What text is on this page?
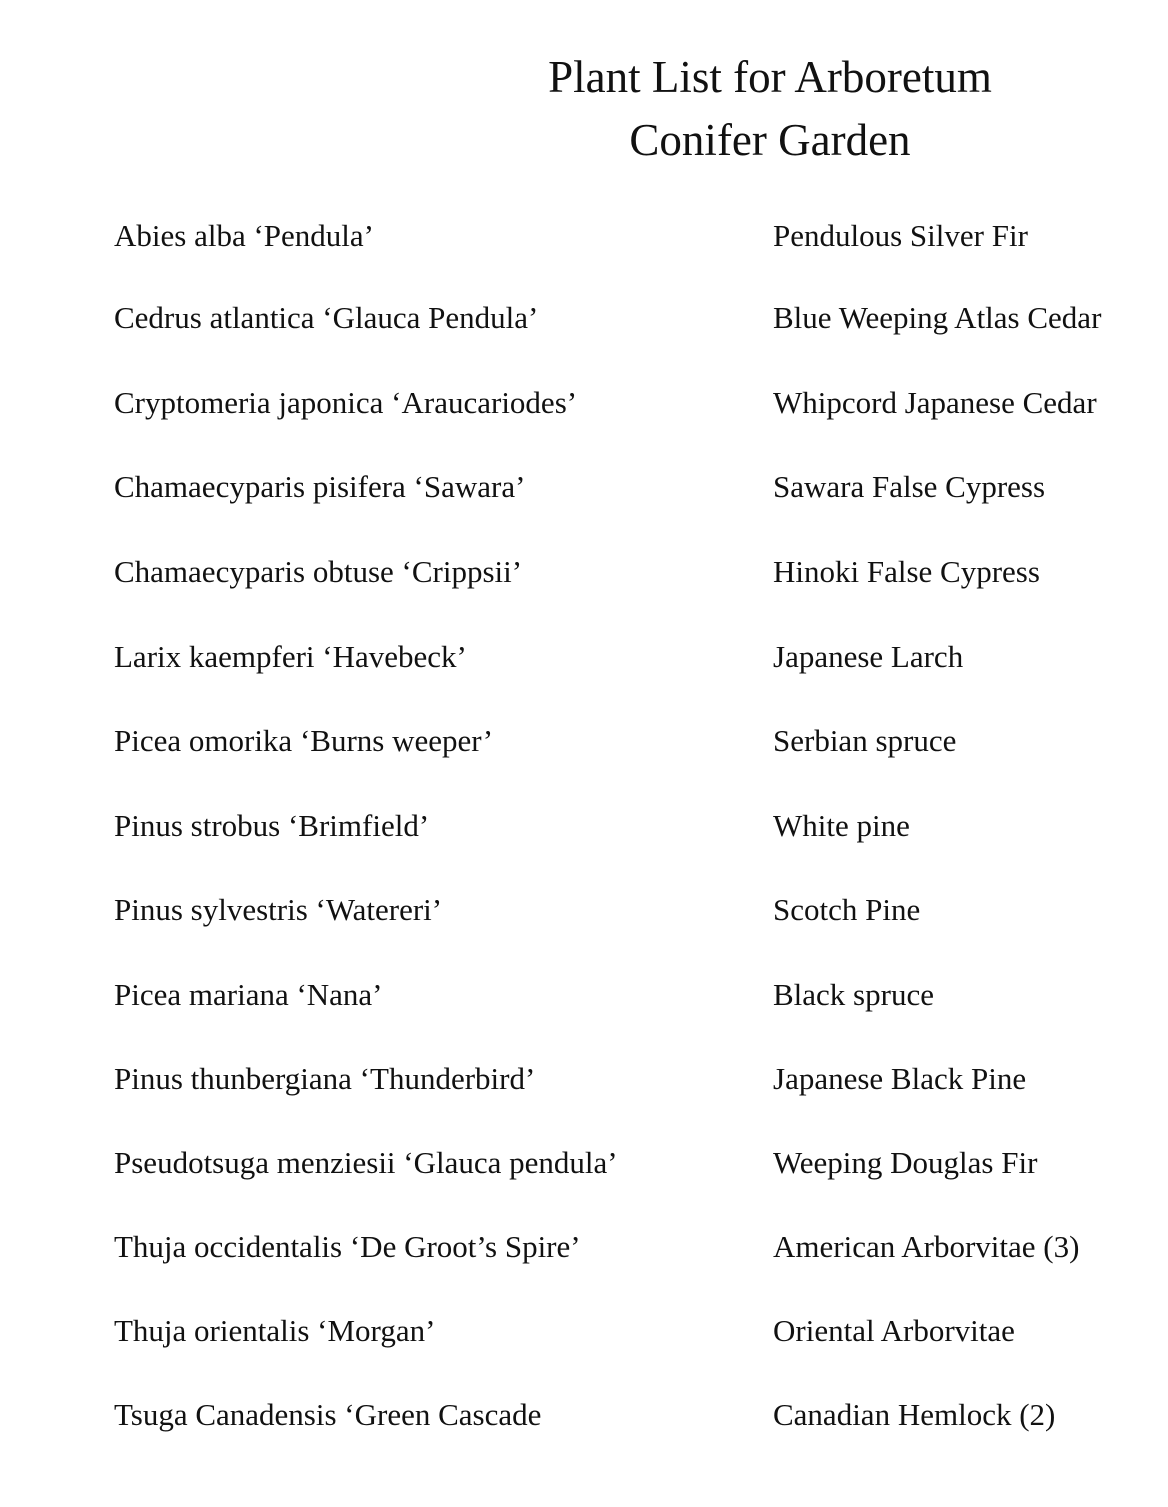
Plant List for Arboretum
Conifer Garden
Abies alba ‘Pendula’	Pendulous Silver Fir
Cedrus atlantica ‘Glauca Pendula’	Blue Weeping Atlas Cedar
Cryptomeria japonica ‘Araucariodes’	Whipcord Japanese Cedar
Chamaecyparis pisifera ‘Sawara’	Sawara False Cypress
Chamaecyparis obtuse ‘Crippsii’	Hinoki False Cypress
Larix kaempferi ‘Havebeck’	Japanese Larch
Picea omorika ‘Burns weeper’	Serbian spruce
Pinus strobus ‘Brimfield’	White pine
Pinus sylvestris ‘Watereri’	Scotch Pine
Picea mariana ‘Nana’	Black spruce
Pinus thunbergiana ‘Thunderbird’	Japanese Black Pine
Pseudotsuga menziesii ‘Glauca pendula’	Weeping Douglas Fir
Thuja occidentalis ‘De Groot’s Spire’	American Arborvitae (3)
Thuja orientalis ‘Morgan’	Oriental Arborvitae
Tsuga Canadensis ‘Green Cascade	Canadian Hemlock (2)
